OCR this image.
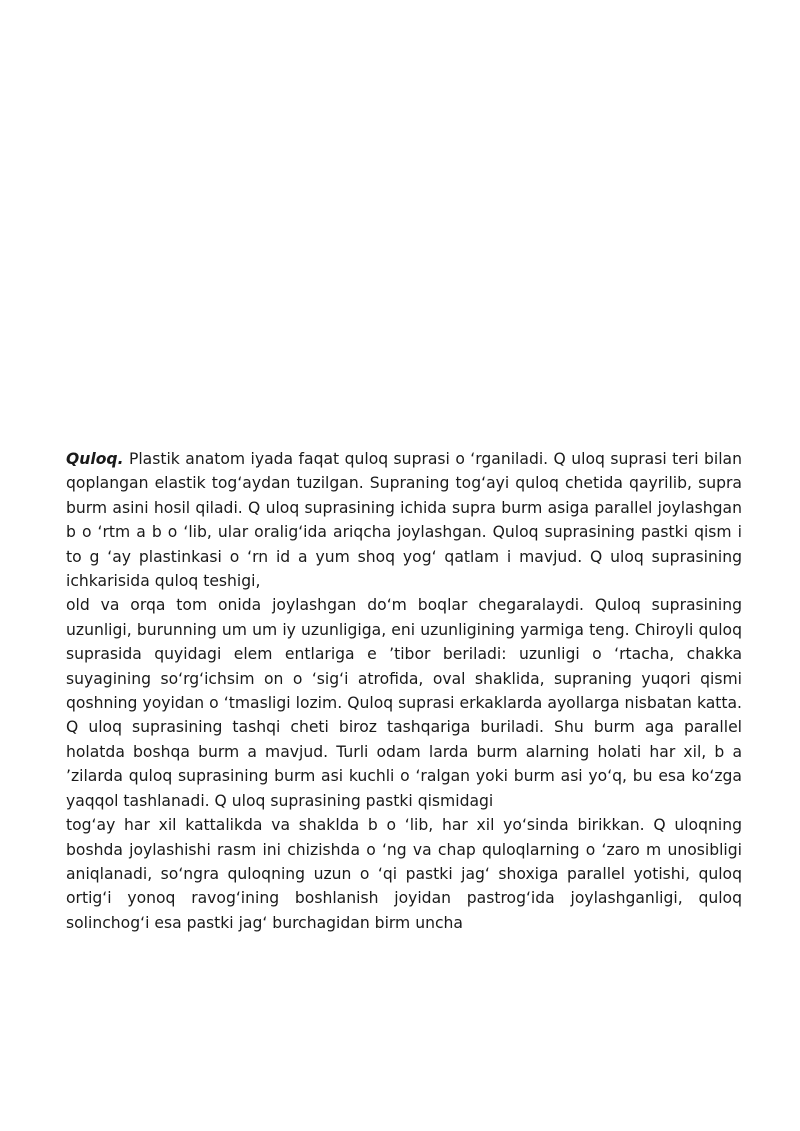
Quloq. Plastik anatom iyada faqat quloq suprasi o ‘rganiladi. Q uloq suprasi teri bilan qoplangan elastik tog‘aydan tuzilgan. Supraning tog‘ayi quloq chetida qayrilib, supra burm asini hosil qiladi. Q uloq suprasining ichida supra burm asiga parallel joylashgan b o ‘rtm a b o ‘lib, ular oralig‘ida ariqcha joylashgan. Quloq suprasining pastki qism i to g ‘ay plastinkasi o ‘rn id a yum shoq yog‘ qatlam i mavjud. Q uloq suprasining ichkarisida quloq teshigi,

old va orqa tom onida joylashgan do‘m boqlar chegaralaydi. Quloq suprasining uzunligi, burunning um um iy uzunligiga, eni uzunligining yarmiga teng. Chiroyli quloq suprasida quyidagi elem entlariga e ’tibor beriladi: uzunligi o ‘rtacha, chakka suyagining so‘rg‘ichsim on o ‘sig‘i atrofida, oval shaklida, supraning yuqori qismi qoshning yoyidan o ‘tmasligi lozim. Quloq suprasi erkaklarda ayollarga nisbatan katta. Q uloq suprasining tashqi cheti biroz tashqariga buriladi. Shu burm aga parallel holatda boshqa burm a mavjud. Turli odam larda burm alarning holati har xil, b a ’zilarda quloq suprasining burm asi kuchli o ‘ralgan yoki burm asi yo‘q, bu esa ko‘zga yaqqol tashlanadi. Q uloq suprasining pastki qismidagi

tog‘ay har xil kattalikda va shaklda b o ‘lib, har xil yo‘sinda birikkan. Q uloqning boshda joylashishi rasm ini chizishda o ‘ng va chap quloqlarning o ‘zaro m unosibligi aniqlanadi, so‘ngra quloqning uzun o ‘qi pastki jag‘ shoxiga parallel yotishi, quloq ortig‘i yonoq ravog‘ining boshlanish joyidan pastrog‘ida joylashganligi, quloq solinchog‘i esa pastki jag‘ burchagidan birm uncha
